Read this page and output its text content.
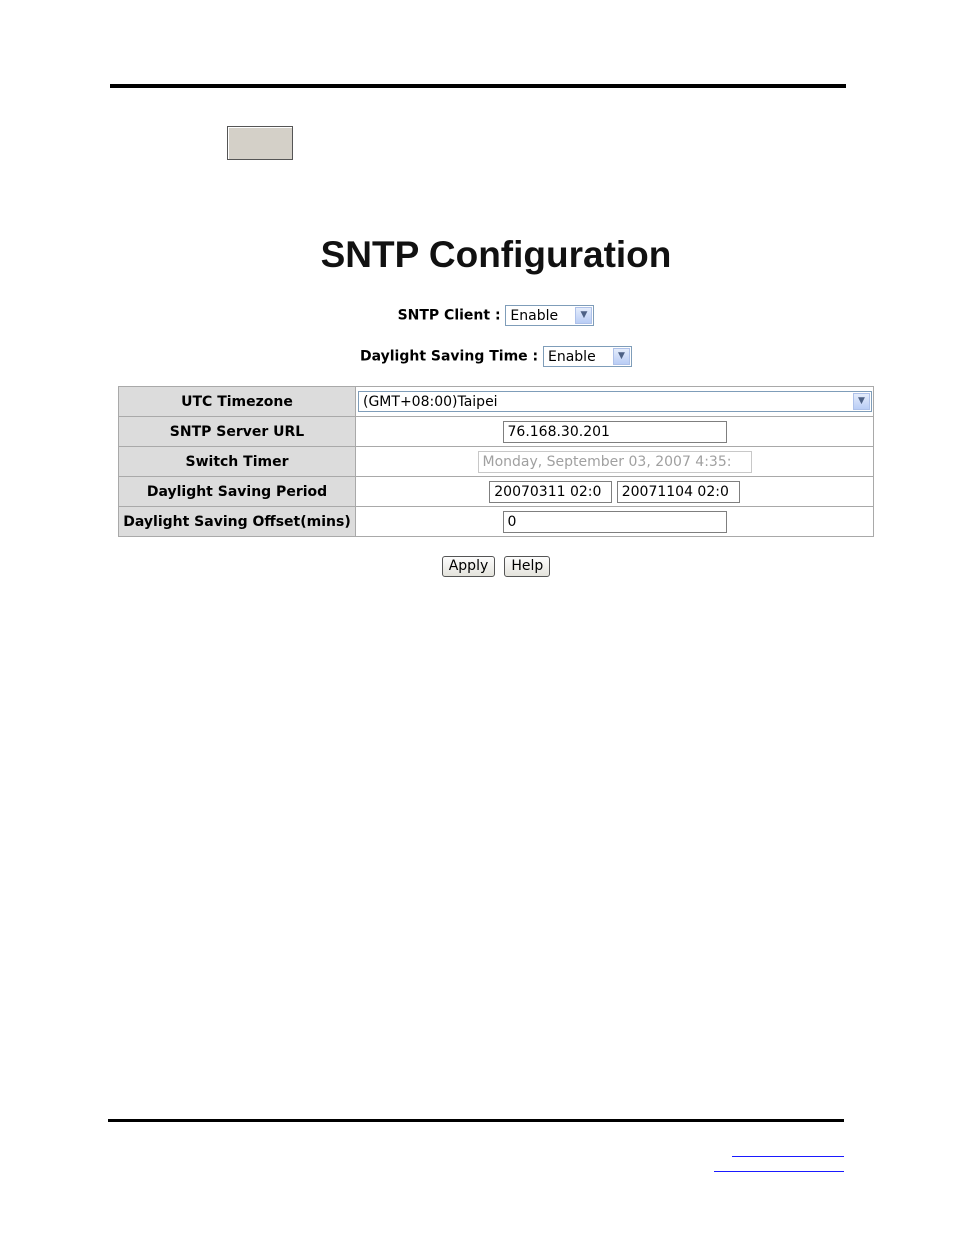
SNTP Configuration
SNTP Client : Enable	▼
Daylight Saving Time : Enable	▼
UTC Timezone	(GMT+08:00)Taipei ▼

SNTP Server URL	76.168.30.201
Switch Timer	Monday, September 03, 2007 4:35:
Daylight Saving Period	20070311 02:0 20071104 02:0
Daylight Saving Offset(mins)	0
Apply Help
